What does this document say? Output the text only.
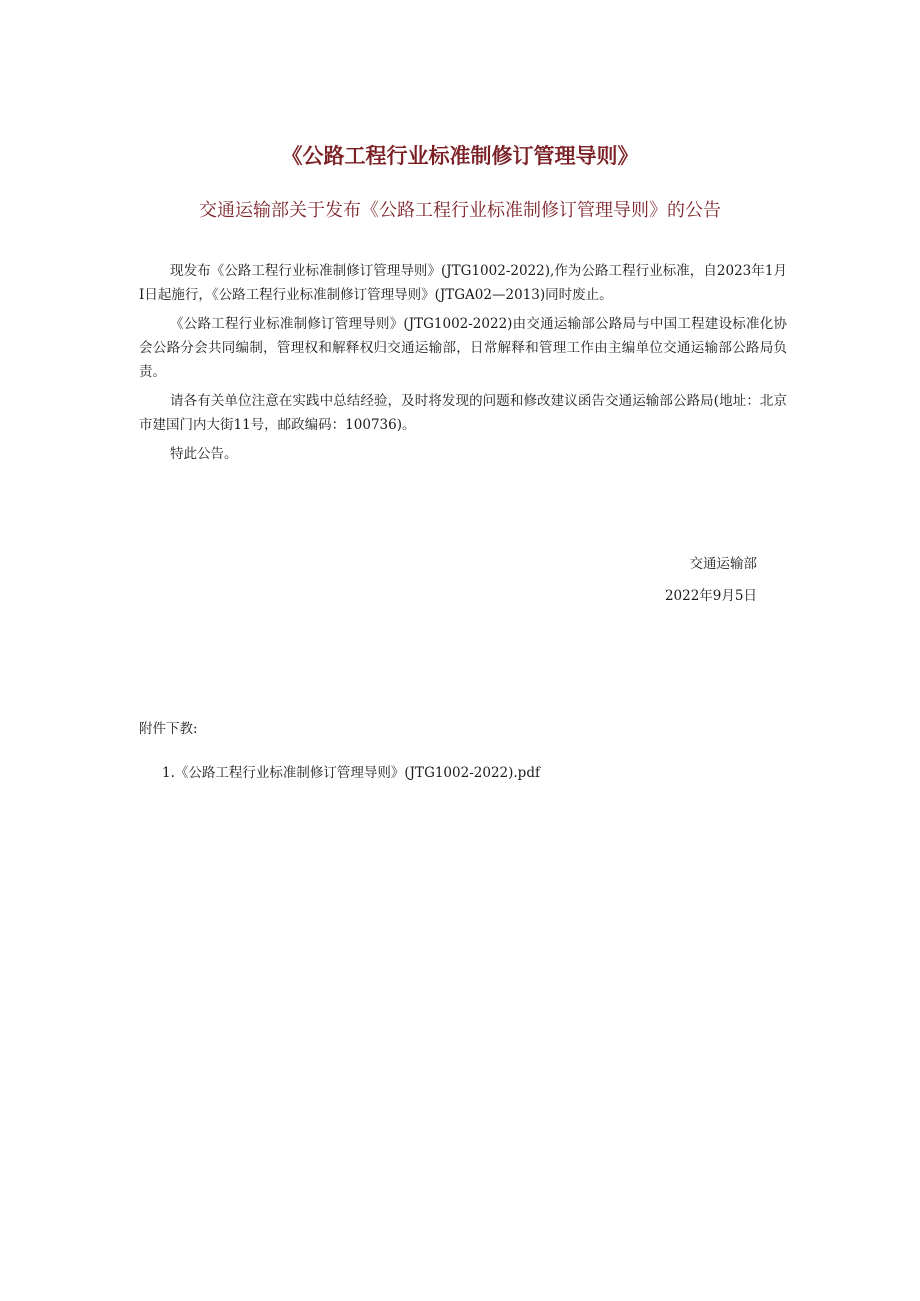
《公路工程行业标准制修订管理导则》
交通运输部关于发布《公路工程行业标准制修订管理导则》的公告

现发布《公路工程行业标准制修订管理导则》(JTG1002-2022),作为公路工程行业标准，自2023年1月I日起施行，《公路工程行业标准制修订管理导则》(JTGA02—2013)同时废止。

《公路工程行业标准制修订管理导则》(JTG1002-2022)由交通运输部公路局与中国工程建设标准化协会公路分会共同编制，管理权和解释权归交通运输部，日常解释和管理工作由主编单位交通运输部公路局负责。

请各有关单位注意在实践中总结经验，及时将发现的问题和修改建议函告交通运输部公路局(地址：北京市建国门内大街11号，邮政编码：100736)。

特此公告。

交通运输部
2022年9月5日
附件下教:
1.《公路工程行业标准制修订管理导则》(JTG1002-2022).pdf
